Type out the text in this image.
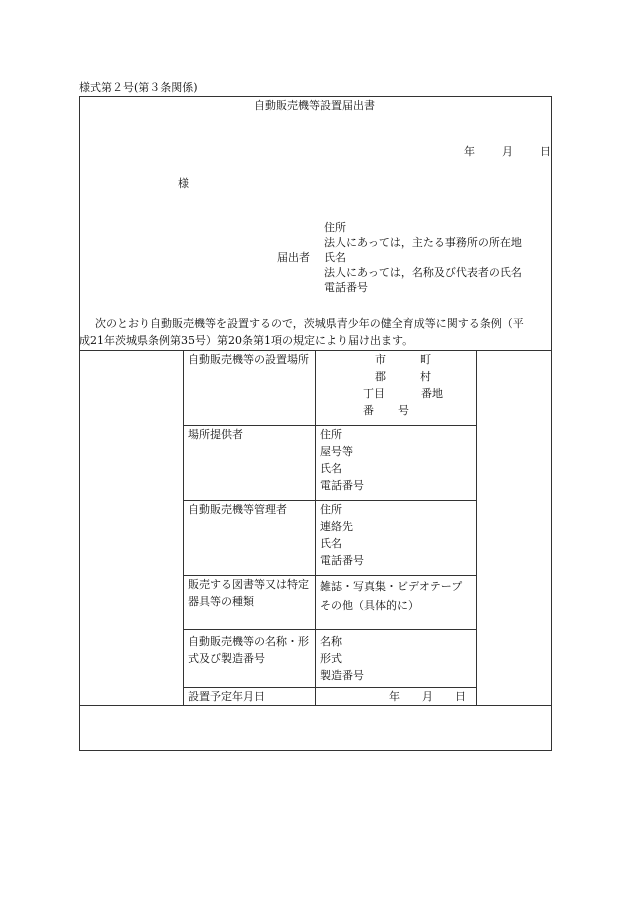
様式第２号(第３条関係)
自動販売機等設置届出書
年 月 日
様
住所
法人にあっては，主たる事務所の所在地
届出者 氏名
法人にあっては，名称及び代表者の氏名
電話番号
次のとおり自動販売機等を設置するので，茨城県青少年の健全育成等に関する条例（平
成21年茨城県条例第35号）第20条第1項の規定により届け出ます。
自動販売機等の設置場所	市 町
郡 村
丁目 番地
番 号

場所提供者	住所
屋号等
氏名
電話番号

自動販売機等管理者	住所
連絡先
氏名
電話番号

販売する図書等又は特定器具等の種類	雑誌・写真集・ビデオテープ
その他（具体的に）

自動販売機等の名称・形式及び製造番号	名称
形式
製造番号

設置予定年月日	年 月 日
